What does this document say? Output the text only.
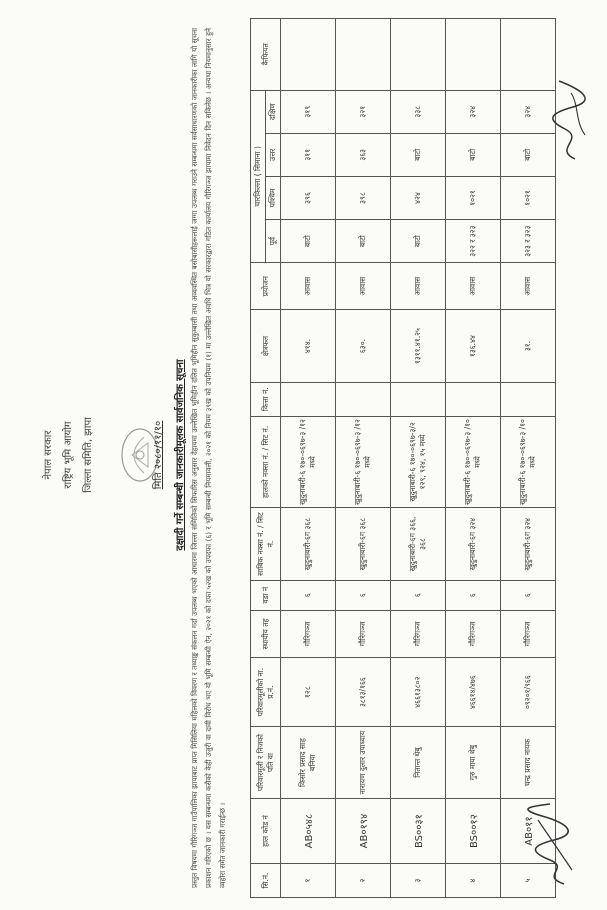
नेपाल सरकार राष्ट्रिय भूमि आयोग जिल्ला समिति, झापा	मिति २०८०/११/१०	दक्षादी गर्ने सम्बन्धी जानकारीमूलक सार्वजनिक सूचना प्रस्तुत विषयमा गौरिगञ्ज गाउँपालिका झापाबाट प्राप्त मिसिलिया महिलको विवरण र तथ्याङ्क संकलन गर्दा उपलब्ध भएको आधारमा जिल्ला समितिको सिफारिस अनुसार देहायमा उल्लेखित भूमिहीन दलित भूमिहीन सुकुम्बासी तथा अव्यवस्थित बसोबासीहरूलाई जग्गा उपलब्ध गराउने सम्बन्धमा सर्वसाधारणको जानकारीका लागि यो सूचना प्रकाशन गरिएको छ । यस सम्बन्धमा कसैको केही उजुरी वा दावी विरोध भए यो भूमि सम्बन्धी ऐन, २०२१ को दफा ५२ख को उपदफा (६) र भूमि सम्बन्धी नियमावली, २०२१ को नियम ३९ख को उपनियम (१) मा उल्लेखित अवधि भित्र यो सरकारद्वारा गठित कार्यालय गौरिगञ्ज झापामा निवेदन दिन सकिनेछ । अन्यथा नियमानुसार हुने व्यहोरा समेत जानकारी गराईन्छ ।	सि.नं.	हाल कोड नं	परिवारमूली र निजको पति वा	परिवारमूलीको ना. प्र.नं.	स्थायीय तह	वडा नं	साबिक नक्सा नं. / सिट नं.	हालको नक्सा नं. / सिट नं.	कित्ता नं.	क्षेत्रफल	प्रयोजन	चारकिल्ला ( सिमाना )				कैफियत
											पूर्व	पश्चिम	उत्तर	दक्षिण	
१	AB०५४८	किसोर प्रसाद साह बनिया	१२८	गौरिगञ्ज	६	खुदुनाबारी-६ग ३६८	खुदुनाबारी-६ १७०-०६९७-३ /१२ मध्ये		४१४.	आवास	बाटो	३९६	३११	३१९	
२	AB०१९४	नारायण दुलार उपाध्याय	३८१३/१६६	गौरिगञ्ज	६	खुदुनाबारी-६ग ३६८	खुदुनाबारी-६ १७०-०६९७-३ /१२ मध्ये		६३०.	आवास	बाटो	३९८	३६३	३२१	
३	BS००३१	नितान्त थेबु	४६६१३८०२	गौरिगञ्ज	६	खुदुनाबारी-६ग ३६६, ३६८	खुदुनाबारी-६ १७०-०६९७-३/२ १२९, ९२४, १५ मध्ये		१३११.४१.२५	आवास	बाटो	४२४	बाटो	३३८	
४	BS००१२	गुरु माया थेबु	४६६१४/४७६	गौरिगञ्ज	६	खुदुनाबारी-६ग ३२४	खुदुनाबारी-६ १७०-०६९७-३ /१० मध्ये		१३६.४४	आवास	३२२ र ३२३	१०२१	बाटो	३२४	
५	AB०११	चन्द्र प्रसाद नायक	०९२०१/९६६	गौरिगञ्ज	६	खुदुनाबारी-६ग ३२४	खुदुनाबारी-६ १७०-०६९७-३ /१० मध्ये		३१.	आवास	३२३ र ३२३	१०२१	बाटो	३२४	
